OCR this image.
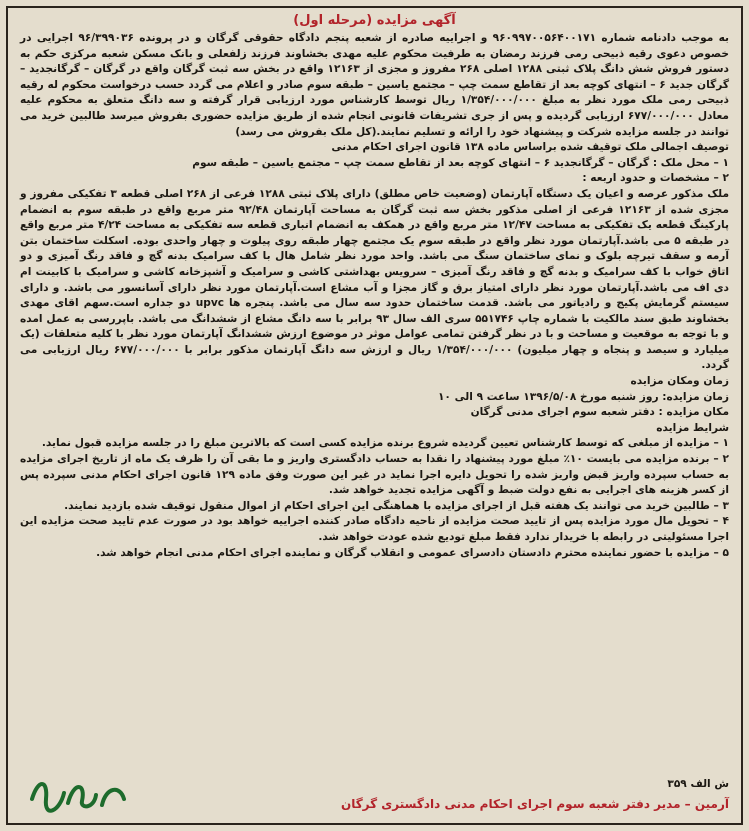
آگهی مزایده (مرحله اول)

به موجب دادنامه شماره ۹۶۰۹۹۷۰۰۵۶۴۰۰۱۷۱ و اجراییه صادره از شعبه پنجم دادگاه حقوقی گرگان و در پرونده ۹۶/۳۹۹۰۳۶ اجرایی در خصوص دعوی رقیه ذبیحی رمی فرزند رمضان به طرفیت محکوم علیه مهدی بخشاوند فرزند زلفعلی و بانک مسکن شعبه مرکزی حکم به دستور فروش شش دانگ پلاک ثبتی ۱۲۸۸ اصلی ۲۶۸ مفروز و مجزی از ۱۲۱۶۳ واقع در بخش سه ثبت گرگان واقع در گرگان – گرگانجدید – گرگان جدید ۶ – انتهای کوچه بعد از تقاطع سمت چپ – مجتمع یاسین – طبقه سوم صادر و اعلام می گردد حسب درخواست محکوم له رقیه ذبیحی رمی ملک مورد نظر به مبلغ ۱/۳۵۴/۰۰۰/۰۰۰ ریال توسط کارشناس مورد ارزیابی قرار گرفته و سه دانگ متعلق به محکوم علیه معادل ۶۷۷/۰۰۰/۰۰۰ ارزیابی گردیده و پس از جری تشریفات قانونی انجام شده از طریق مزایده حضوری بفروش میرسد طالبین خرید می توانند در جلسه مزایده شرکت و پیشنهاد خود را ارائه و تسلیم نمایند.(کل ملک بفروش می رسد)

توصیف اجمالی ملک توقیف شده براساس ماده ۱۳۸ قانون اجرای احکام مدنی

۱ – محل ملک : گرگان – گرگانجدید ۶ – انتهای کوچه بعد از تقاطع سمت چپ – مجتمع یاسین – طبقه سوم

۲ – مشخصات و حدود اربعه :

ملک مذکور عرصه و اعیان یک دستگاه آپارتمان (وضعیت خاص مطلق) دارای پلاک ثبتی ۱۲۸۸ فرعی از ۲۶۸ اصلی قطعه ۳ تفکیکی مفروز و مجزی شده از ۱۲۱۶۳ فرعی از اصلی مذکور بخش سه ثبت گرگان به مساحت آپارتمان ۹۲/۴۸ متر مربع واقع در طبقه سوم به انضمام پارکینگ قطعه یک تفکیکی به مساحت ۱۲/۴۷ متر مربع واقع در همکف به انضمام انباری قطعه سه تفکیکی به مساحت ۴/۲۴ متر مربع واقع در طبقه ۵ می باشد.آپارتمان مورد نظر واقع در طبقه سوم یک مجتمع چهار طبقه روی پیلوت و چهار واحدی بوده. اسکلت ساختمان بتن آرمه و سقف تیرچه بلوک و نمای ساختمان سنگ می باشد. واحد مورد نظر شامل هال با کف سرامیک بدنه گچ و فاقد رنگ آمیزی و دو اتاق خواب با کف سرامیک و بدنه گچ و فاقد رنگ آمیزی – سرویس بهداشتی کاشی و سرامیک و آشپزخانه کاشی و سرامیک با کابینت ام دی اف می باشد.آپارتمان مورد نظر دارای امتیاز برق و گاز مجزا و آب مشاع است.آپارتمان مورد نظر دارای آسانسور می باشد. و دارای سیستم گرمایش پکیج و رادیاتور می باشد. قدمت ساختمان حدود سه سال می باشد. پنجره ها upvc دو جداره است.سهم اقای مهدی بخشاوند طبق سند مالکیت با شماره چاپ ۵۵۱۷۴۶ سری الف سال ۹۳ برابر با سه دانگ مشاع از ششدانگ می باشد. باپررسی به عمل امده و با توجه به موقعیت و مساحت و با در نظر گرفتن تمامی عوامل موثر در موضوع ارزش ششدانگ آپارتمان مورد نظر با کلیه متعلقات (یک میلیارد و سیصد و پنجاه و چهار میلیون) ۱/۳۵۴/۰۰۰/۰۰۰ ریال و ارزش سه دانگ آپارتمان مذکور برابر با ۶۷۷/۰۰۰/۰۰۰ ریال ارزیابی می گردد.

زمان ومکان مزایده

زمان مزایده: روز شنبه مورخ ۱۳۹۶/۵/۰۸ ساعت ۹ الی ۱۰

مکان مزایده : دفتر شعبه سوم اجرای مدنی گرگان

شرایط مزایده

۱ – مزایده از مبلغی که توسط کارشناس تعیین گردیده شروع برنده مزایده کسی است که بالاترین مبلغ را در جلسه مزایده قبول نماید.

۲ – برنده مزایده می بایست ۱۰٪ مبلغ مورد پیشنهاد را نقدا به حساب دادگستری واریز و ما بقی آن را ظرف یک ماه از تاریخ اجرای مزایده به حساب سپرده واریز قبض واریز شده را تحویل دایره اجرا نماید در غیر این صورت وفق ماده ۱۲۹ قانون اجرای احکام مدنی سپرده پس از کسر هزینه های اجرایی به نفع دولت ضبط و آگهی مزایده تجدید خواهد شد.

۳ – طالبین خرید می توانند یک هفته قبل از اجرای مزایده با هماهنگی این اجرای احکام از اموال منقول توقیف شده بازدید نمایند.

۴ – تحویل مال مورد مزایده پس از تایید صحت مزایده از ناحیه دادگاه صادر کننده اجراییه خواهد بود در صورت عدم تایید صحت مزایده این اجرا مسئولیتی در رابطه با خریدار ندارد فقط مبلغ تودیع شده عودت خواهد شد.

۵ – مزایده با حضور نماینده محترم دادستان دادسرای عمومی و انقلاب گرگان و نماینده اجرای احکام مدنی انجام خواهد شد.

ش الف ۳۵۹
آرمین – مدیر دفتر شعبه سوم اجرای احکام مدنی دادگستری گرگان
